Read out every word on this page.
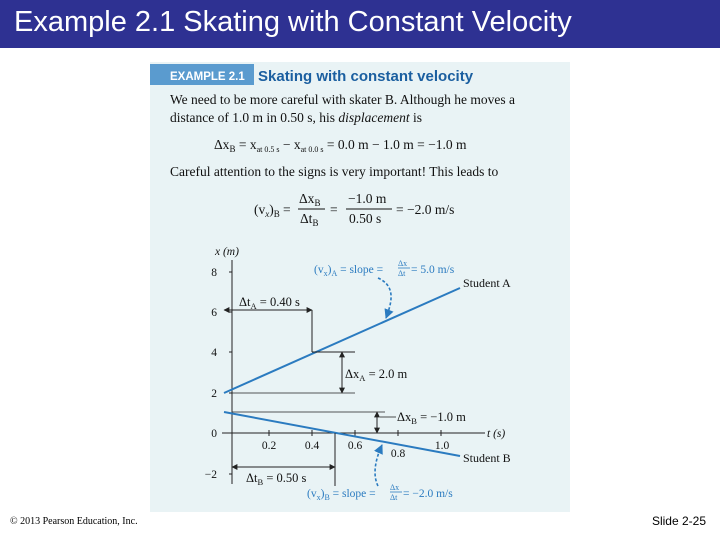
Example 2.1 Skating with Constant Velocity
EXAMPLE 2.1 Skating with constant velocity
We need to be more careful with skater B. Although he moves a
distance of 1.0 m in 0.50 s, his displacement is
$\Delta x_B = x_{at 0.5 s} - x_{at 0.0 s} = 0.0$ m − 1.0 m = −1.0 m
Careful attention to the signs is very important! This leads to
$(v_x)_B$ =
$\Delta x_B$
$\Delta t_B$
=
−1.0 m
0.50 s
= −2.0 m/s
x (m)
t (s)
8
6
4
2
0
−2
0.2 0.4 0.6	1.0
0.8
$\Delta t_A = 0.40$ s
$\Delta x_A = 2.0$ m
Student A
$(v_x)_A$ = slope =
Δx
Δt = 5.0 m/s
$\Delta x_B = -1.0$ m
Student B
$\Delta t_B = 0.50$ s
$(v_x)_B$ = slope =
Δx
Δt = −2.0 m/s
© 2013 Pearson Education, Inc.	Slide 2-25
